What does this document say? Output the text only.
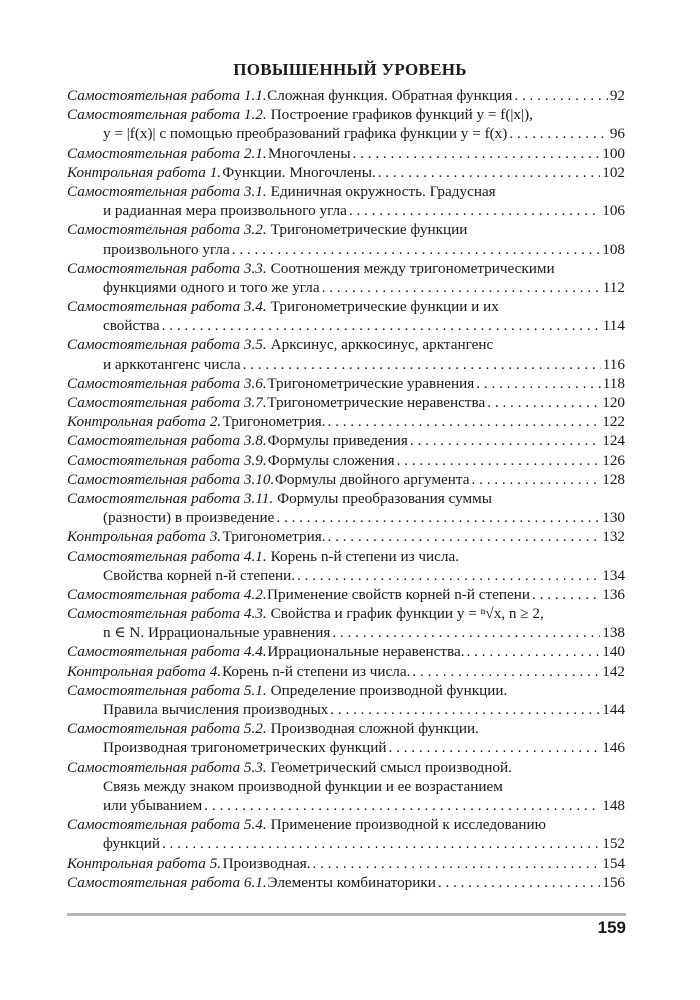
ПОВЫШЕННЫЙ УРОВЕНЬ
Самостоятельная работа 1.1. Сложная функция. Обратная функция . . .	92
Самостоятельная работа 1.2. Построение графиков функций y = f(|x|),
y = |f(x)| с помощью преобразований графика функции y = f(x) . . .	96
Самостоятельная работа 2.1. Многочлены . . .	100
Контрольная работа 1. Функции. Многочлены. . . .	102
Самостоятельная работа 3.1. Единичная окружность. Градусная
и радианная мера произвольного угла . . .	106
Самостоятельная работа 3.2. Тригонометрические функции
произвольного угла . . .	108
Самостоятельная работа 3.3. Соотношения между тригонометрическими
функциями одного и того же угла . . .	112
Самостоятельная работа 3.4. Тригонометрические функции и их
свойства . . .	114
Самостоятельная работа 3.5. Арксинус, арккосинус, арктангенс
и арккотангенс числа . . .	116
Самостоятельная работа 3.6. Тригонометрические уравнения . . .	118
Самостоятельная работа 3.7. Тригонометрические неравенства . . .	120
Контрольная работа 2. Тригонометрия. . . .	122
Самостоятельная работа 3.8. Формулы приведения . . .	124
Самостоятельная работа 3.9. Формулы сложения . . .	126
Самостоятельная работа 3.10. Формулы двойного аргумента . . .	128
Самостоятельная работа 3.11. Формулы преобразования суммы
(разности) в произведение . . .	130
Контрольная работа 3. Тригонометрия. . . .	132
Самостоятельная работа 4.1. Корень n-й степени из числа.
Свойства корней n-й степени. . . .	134
Самостоятельная работа 4.2. Применение свойств корней n-й степени . . .	136
Самостоятельная работа 4.3. Свойства и график функции y = ⁿ√x, n ≥ 2,
n ∈ N. Иррациональные уравнения . . .	138
Самостоятельная работа 4.4. Иррациональные неравенства. . . .	140
Контрольная работа 4. Корень n-й степени из числа. . . .	142
Самостоятельная работа 5.1. Определение производной функции.
Правила вычисления производных . . .	144
Самостоятельная работа 5.2. Производная сложной функции.
Производная тригонометрических функций . . .	146
Самостоятельная работа 5.3. Геометрический смысл производной.
Связь между знаком производной функции и ее возрастанием
или убыванием . . .	148
Самостоятельная работа 5.4. Применение производной к исследованию
функций . . .	152
Контрольная работа 5. Производная. . . .	154
Самостоятельная работа 6.1. Элементы комбинаторики . . .	156
159
